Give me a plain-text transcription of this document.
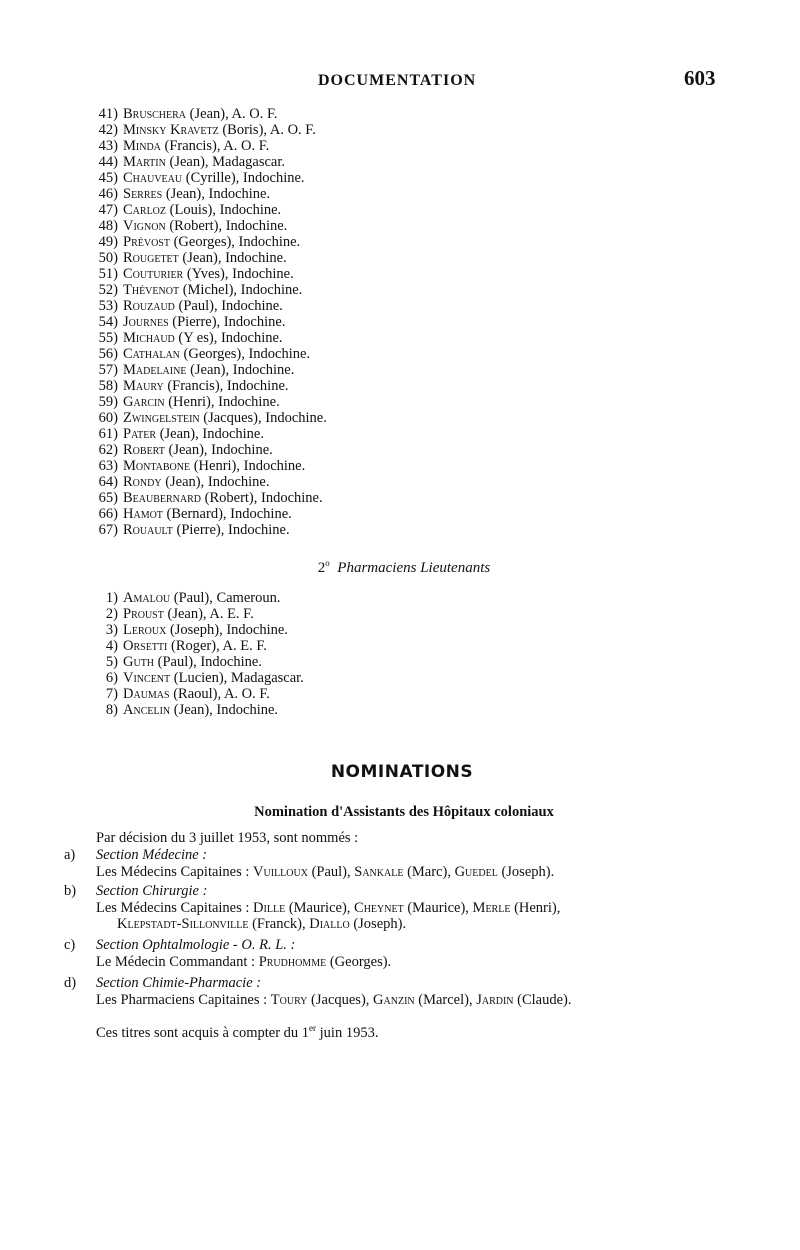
DOCUMENTATION	603
41) Bruschera (Jean), A. O. F.
42) Minsky Kravetz (Boris), A. O. F.
43) Minda (Francis), A. O. F.
44) Martin (Jean), Madagascar.
45) Chauveau (Cyrille), Indochine.
46) Serres (Jean), Indochine.
47) Carloz (Louis), Indochine.
48) Vignon (Robert), Indochine.
49) Prévost (Georges), Indochine.
50) Rougetet (Jean), Indochine.
51) Couturier (Yves), Indochine.
52) Thévenot (Michel), Indochine.
53) Rouzaud (Paul), Indochine.
54) Journes (Pierre), Indochine.
55) Michaud (Y es), Indochine.
56) Cathalan (Georges), Indochine.
57) Madelaine (Jean), Indochine.
58) Maury (Francis), Indochine.
59) Garcin (Henri), Indochine.
60) Zwingelstein (Jacques), Indochine.
61) Pater (Jean), Indochine.
62) Robert (Jean), Indochine.
63) Montabone (Henri), Indochine.
64) Rondy (Jean), Indochine.
65) Beaubernard (Robert), Indochine.
66) Hamot (Bernard), Indochine.
67) Rouault (Pierre), Indochine.
2$^o$ Pharmaciens Lieutenants
1) Amalou (Paul), Cameroun.
2) Proust (Jean), A. E. F.
3) Leroux (Joseph), Indochine.
4) Orsetti (Roger), A. E. F.
5) Guth (Paul), Indochine.
6) Vincent (Lucien), Madagascar.
7) Daumas (Raoul), A. O. F.
8) Ancelin (Jean), Indochine.
NOMINATIONS
Nomination d'Assistants des Hôpitaux coloniaux
Par décision du 3 juillet 1953, sont nommés :
a) Section Médecine :
Les Médecins Capitaines : Vuilloux (Paul), Sankale (Marc), Guedel (Joseph).
b) Section Chirurgie :
Les Médecins Capitaines : Dille (Maurice), Cheynet (Maurice), Merle (Henri),
Klepstadt-Sillonville (Franck), Diallo (Joseph).
c) Section Ophtalmologie - O. R. L. :
Le Médecin Commandant : Prudhomme (Georges).
d) Section Chimie-Pharmacie :
Les Pharmaciens Capitaines : Toury (Jacques), Ganzin (Marcel), Jardin (Claude).
Ces titres sont acquis à compter du 1er juin 1953.
